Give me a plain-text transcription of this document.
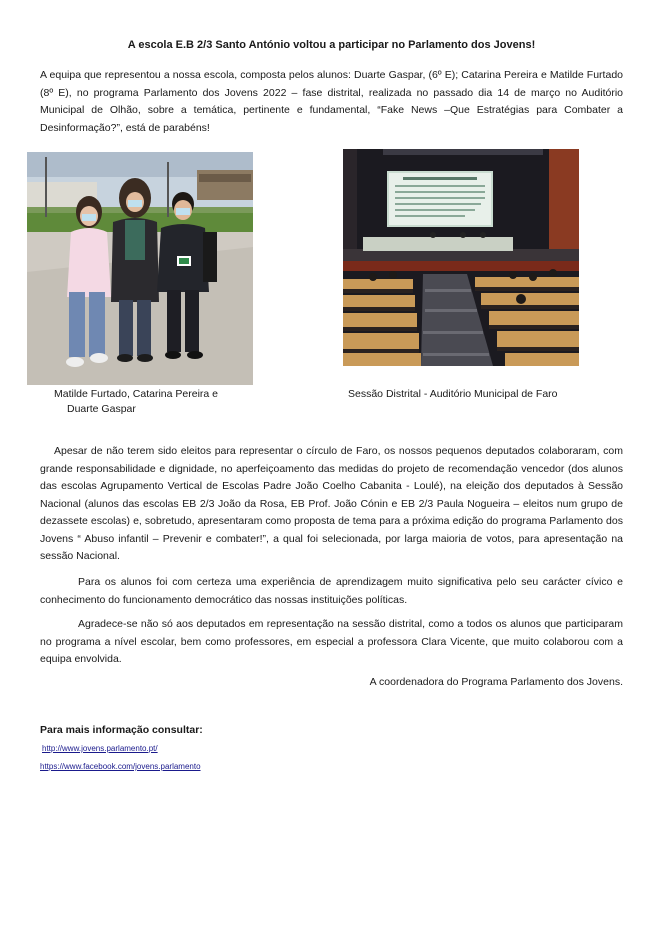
A escola E.B 2/3 Santo António voltou a participar no Parlamento dos Jovens!
A equipa que representou a nossa escola, composta pelos alunos: Duarte Gaspar, (6º E); Catarina Pereira e Matilde Furtado (8º E), no programa Parlamento dos Jovens 2022 – fase distrital, realizada no passado dia 14 de março no Auditório Municipal de Olhão, sobre a temática, pertinente e fundamental, “Fake News –Que Estratégias para Combater a Desinformação?”, está de parabéns!
Matilde Furtado, Catarina Pereira e
Duarte Gaspar
Sessão Distrital - Auditório Municipal de Faro
Apesar de não terem sido eleitos para representar o círculo de Faro, os nossos pequenos deputados colaboraram, com grande responsabilidade e dignidade, no aperfeiçoamento das medidas do projeto de recomendação vencedor (dos alunos das escolas Agrupamento Vertical de Escolas Padre João Coelho Cabanita - Loulé), na eleição dos deputados à Sessão Nacional (alunos das escolas EB 2/3 João da Rosa, EB Prof. João Cónin e EB 2/3 Paula Nogueira – eleitos num grupo de dezassete escolas) e, sobretudo, apresentaram como proposta de tema para a próxima edição do programa Parlamento dos Jovens “ Abuso infantil – Prevenir e combater!”, a qual foi selecionada, por larga maioria de votos, para apresentação na sessão Nacional.
Para os alunos foi com certeza uma experiência de aprendizagem muito significativa pelo seu carácter cívico e conhecimento do funcionamento democrático das nossas instituições políticas.
Agradece-se não só aos deputados em representação na sessão distrital, como a todos os alunos que participaram no programa a nível escolar, bem como professores, em especial a professora Clara Vicente, que muito colaborou com a equipa envolvida.
A coordenadora do Programa Parlamento dos Jovens.
Para mais informação consultar:
http://www.jovens.parlamento.pt/
https://www.facebook.com/jovens.parlamento
